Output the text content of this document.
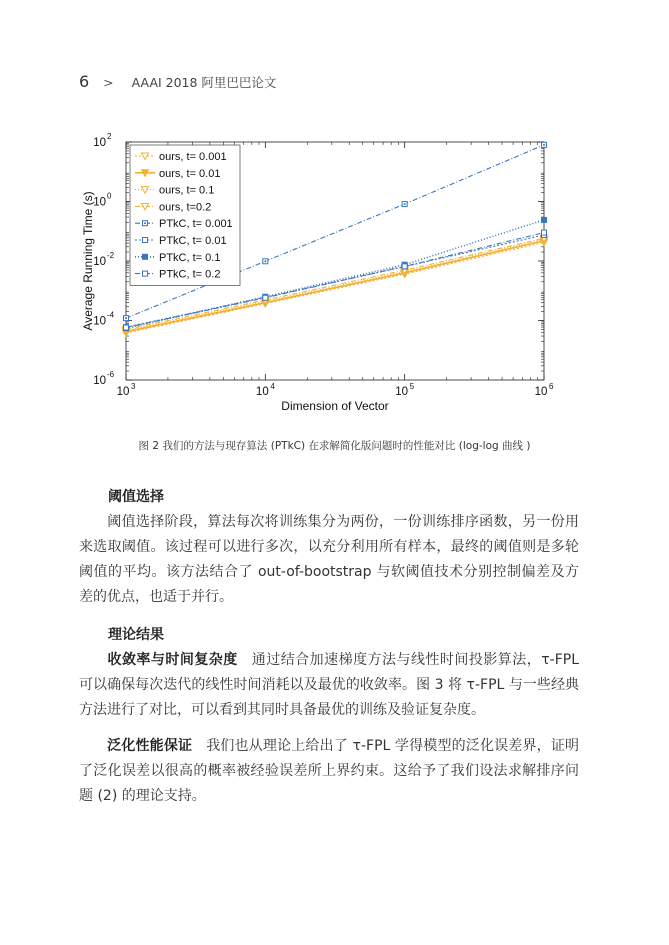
6 > AAAI 2018 阿里巴巴论文
10 3	10 4	10 5	10 6
10
-6
10
-4
10
-2
10
0
10
2
ours, t= 0.001
ours, t= 0.01
ours, t= 0.1
ours, t=0.2
PTkC, t= 0.001
PTkC, t= 0.01
PTkC, t= 0.1
PTkC, t= 0.2
Dimension of Vector
Average Running Time (s)
图 2 我们的方法与现存算法 (PTkC) 在求解简化版问题时的性能对比 (log-log 曲线 )
阈值选择
阈值选择阶段，算法每次将训练集分为两份，一份训练排序函数，另一份用来选取阈值。该过程可以进行多次，以充分利用所有样本，最终的阈值则是多轮阈值的平均。该方法结合了 out-of-bootstrap 与软阈值技术分别控制偏差及方差的优点，也适于并行。
理论结果
收敛率与时间复杂度 通过结合加速梯度方法与线性时间投影算法，τ-FPL 可以确保每次迭代的线性时间消耗以及最优的收敛率。图 3 将 τ-FPL 与一些经典方法进行了对比，可以看到其同时具备最优的训练及验证复杂度。
泛化性能保证 我们也从理论上给出了 τ-FPL 学得模型的泛化误差界，证明了泛化误差以很高的概率被经验误差所上界约束。这给予了我们设法求解排序问题 (2) 的理论支持。
